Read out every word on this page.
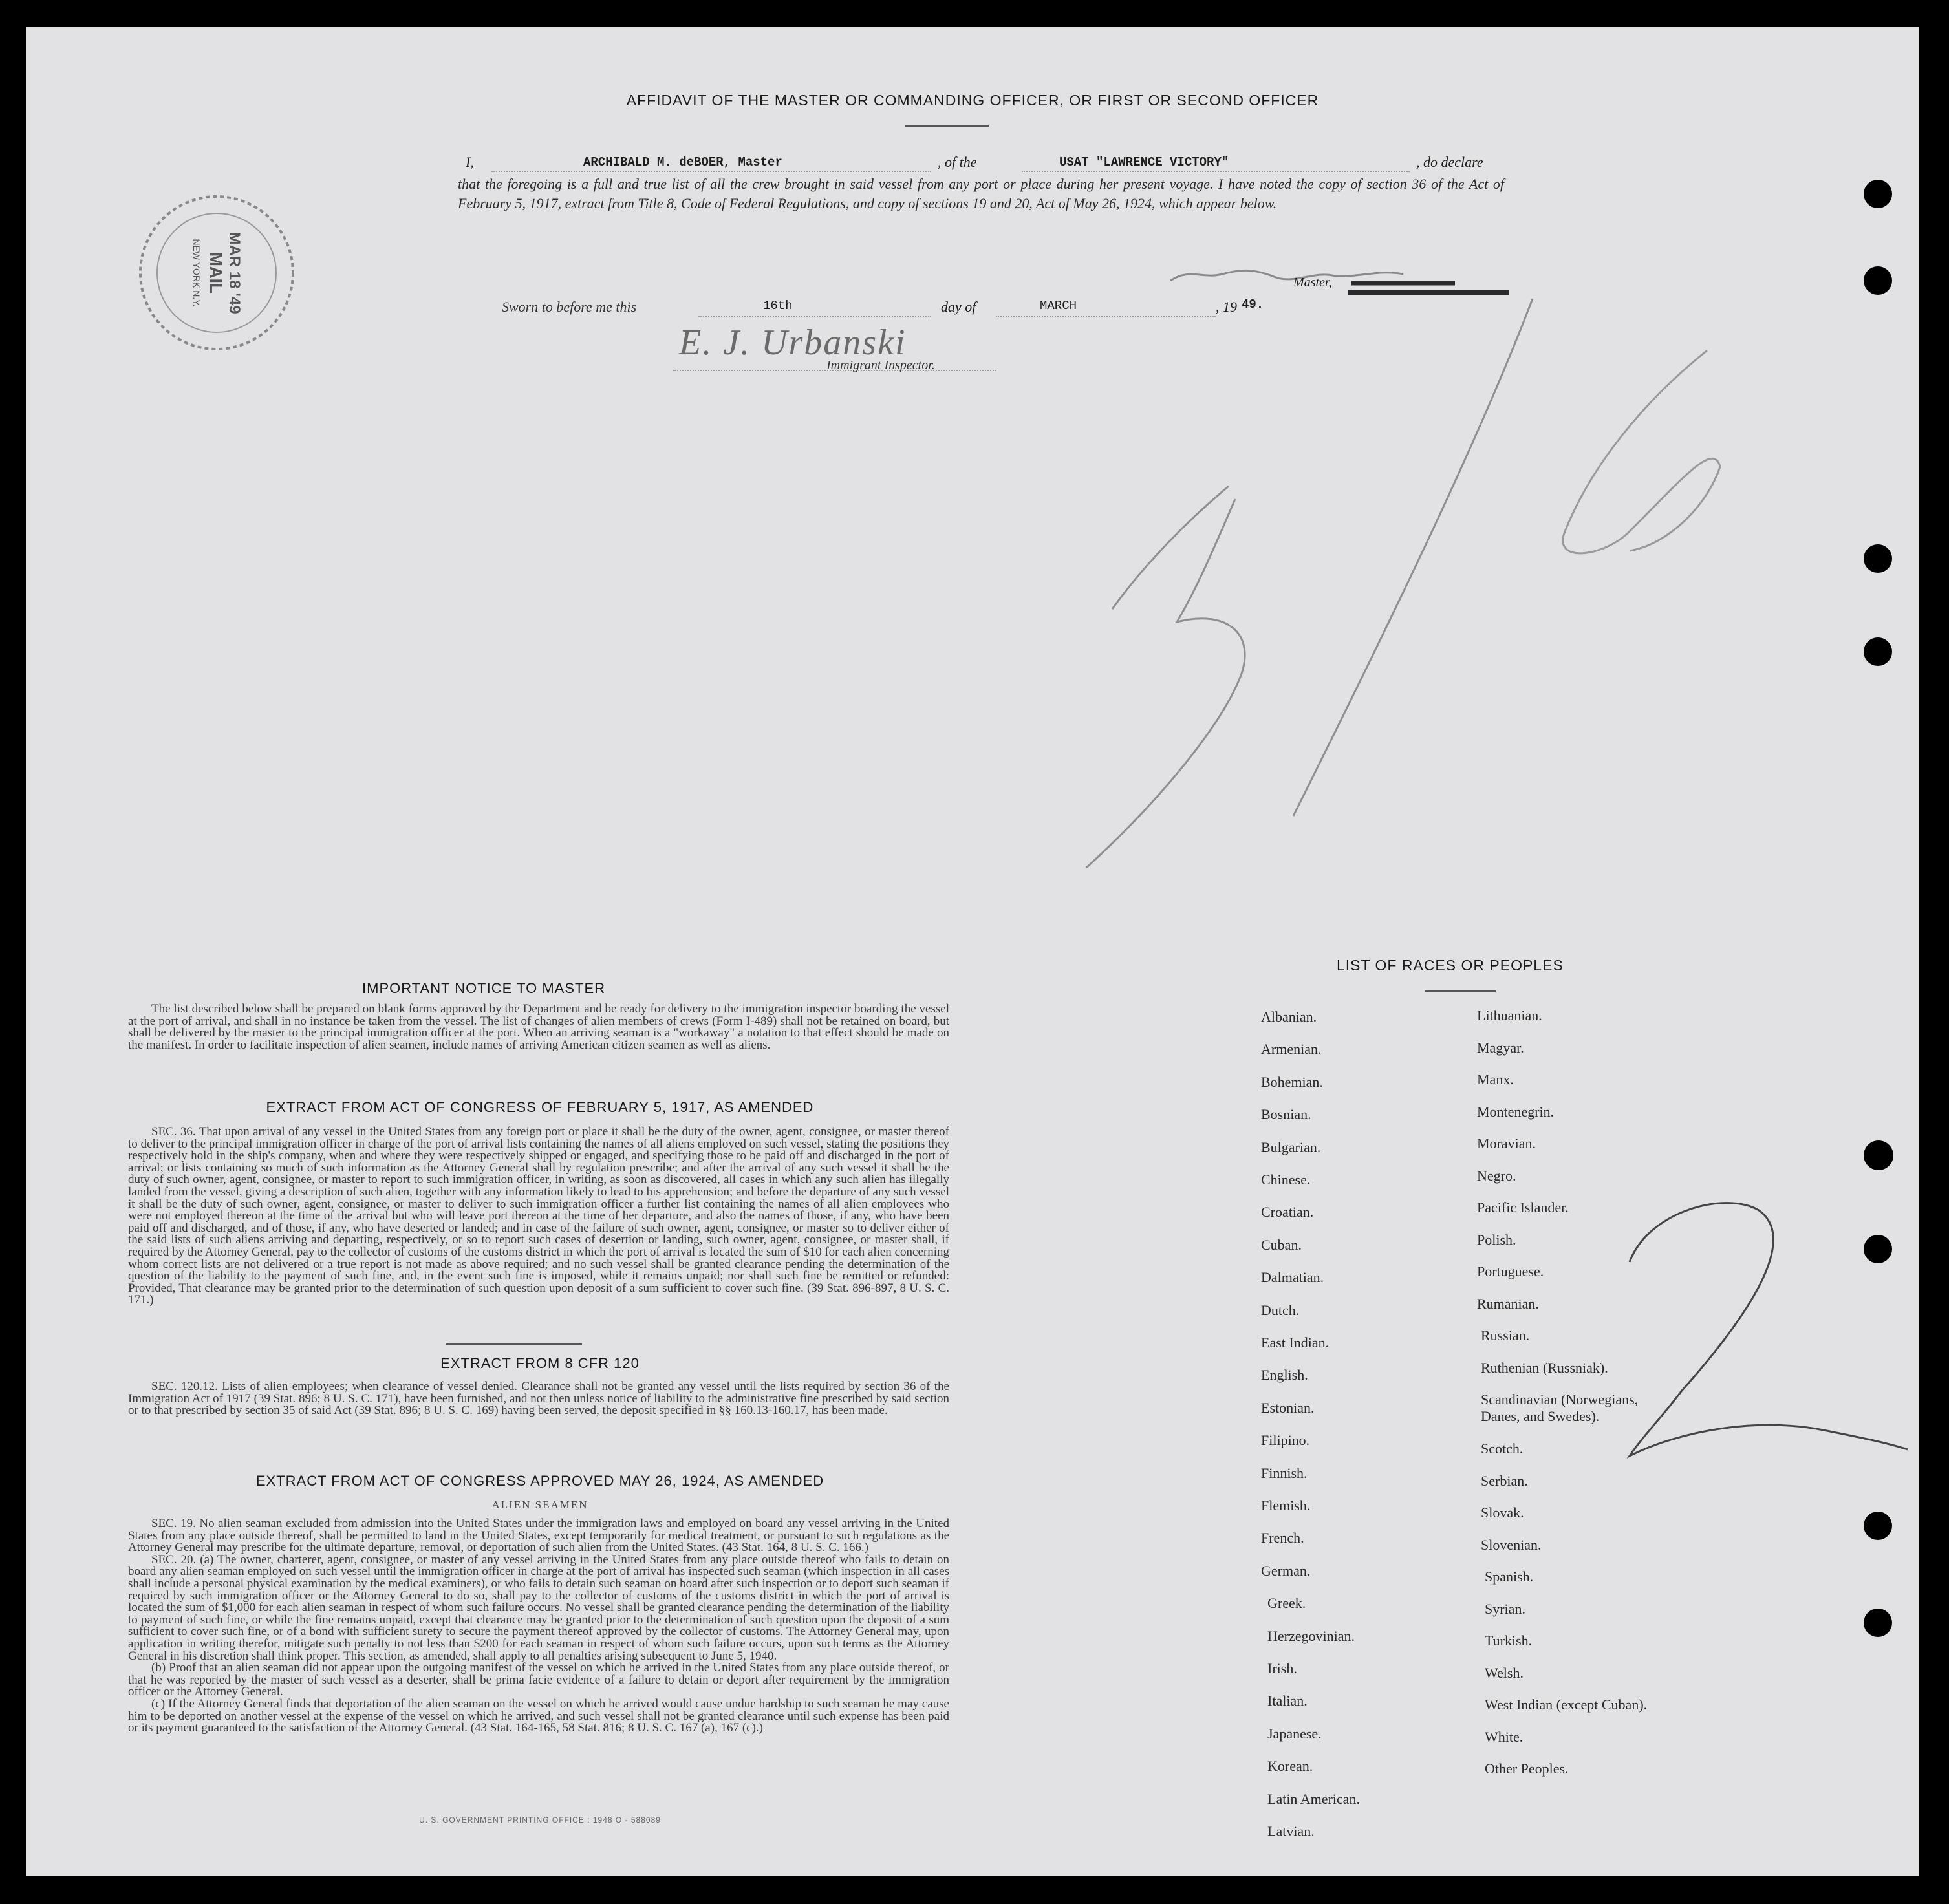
AFFIDAVIT OF THE MASTER OR COMMANDING OFFICER, OR FIRST OR SECOND OFFICER
I,	ARCHIBALD M. deBOER, Master	, of the	USAT "LAWRENCE VICTORY"	, do declare
that the foregoing is a full and true list of all the crew brought in said vessel from any port or place during her present voyage. I have noted the copy of section 36 of the Act of February 5, 1917, extract from Title 8, Code of Federal Regulations, and copy of sections 19 and 20, Act of May 26, 1924, which appear below.
Master,
Sworn to before me this	16th	day of	MARCH	, 19 49.
E. J. Urbanski
Immigrant Inspector.
MAR 18 '49
MAIL
NEW YORK N.Y.
IMPORTANT NOTICE TO MASTER

The list described below shall be prepared on blank forms approved by the Department and be ready for delivery to the immigration inspector boarding the vessel at the port of arrival, and shall in no instance be taken from the vessel. The list of changes of alien members of crews (Form I-489) shall not be retained on board, but shall be delivered by the master to the principal immigration officer at the port. When an arriving seaman is a "workaway" a notation to that effect should be made on the manifest. In order to facilitate inspection of alien seamen, include names of arriving American citizen seamen as well as aliens.

EXTRACT FROM ACT OF CONGRESS OF FEBRUARY 5, 1917, AS AMENDED

SEC. 36. That upon arrival of any vessel in the United States from any foreign port or place it shall be the duty of the owner, agent, consignee, or master thereof to deliver to the principal immigration officer in charge of the port of arrival lists containing the names of all aliens employed on such vessel, stating the positions they respectively hold in the ship's company, when and where they were respectively shipped or engaged, and specifying those to be paid off and discharged in the port of arrival; or lists containing so much of such information as the Attorney General shall by regulation prescribe; and after the arrival of any such vessel it shall be the duty of such owner, agent, consignee, or master to report to such immigration officer, in writing, as soon as discovered, all cases in which any such alien has illegally landed from the vessel, giving a description of such alien, together with any information likely to lead to his apprehension; and before the departure of any such vessel it shall be the duty of such owner, agent, consignee, or master to deliver to such immigration officer a further list containing the names of all alien employees who were not employed thereon at the time of the arrival but who will leave port thereon at the time of her departure, and also the names of those, if any, who have been paid off and discharged, and of those, if any, who have deserted or landed; and in case of the failure of such owner, agent, consignee, or master so to deliver either of the said lists of such aliens arriving and departing, respectively, or so to report such cases of desertion or landing, such owner, agent, consignee, or master shall, if required by the Attorney General, pay to the collector of customs of the customs district in which the port of arrival is located the sum of $10 for each alien concerning whom correct lists are not delivered or a true report is not made as above required; and no such vessel shall be granted clearance pending the determination of the question of the liability to the payment of such fine, and, in the event such fine is imposed, while it remains unpaid; nor shall such fine be remitted or refunded: Provided, That clearance may be granted prior to the determination of such question upon deposit of a sum sufficient to cover such fine. (39 Stat. 896-897, 8 U. S. C. 171.)

EXTRACT FROM 8 CFR 120

SEC. 120.12. Lists of alien employees; when clearance of vessel denied. Clearance shall not be granted any vessel until the lists required by section 36 of the Immigration Act of 1917 (39 Stat. 896; 8 U. S. C. 171), have been furnished, and not then unless notice of liability to the administrative fine prescribed by said section or to that prescribed by section 35 of said Act (39 Stat. 896; 8 U. S. C. 169) having been served, the deposit specified in §§ 160.13-160.17, has been made.

EXTRACT FROM ACT OF CONGRESS APPROVED MAY 26, 1924, AS AMENDED
ALIEN SEAMEN

SEC. 19. No alien seaman excluded from admission into the United States under the immigration laws and employed on board any vessel arriving in the United States from any place outside thereof, shall be permitted to land in the United States, except temporarily for medical treatment, or pursuant to such regulations as the Attorney General may prescribe for the ultimate departure, removal, or deportation of such alien from the United States. (43 Stat. 164, 8 U. S. C. 166.)

SEC. 20. (a) The owner, charterer, agent, consignee, or master of any vessel arriving in the United States from any place outside thereof who fails to detain on board any alien seaman employed on such vessel until the immigration officer in charge at the port of arrival has inspected such seaman (which inspection in all cases shall include a personal physical examination by the medical examiners), or who fails to detain such seaman on board after such inspection or to deport such seaman if required by such immigration officer or the Attorney General to do so, shall pay to the collector of customs of the customs district in which the port of arrival is located the sum of $1,000 for each alien seaman in respect of whom such failure occurs. No vessel shall be granted clearance pending the determination of the liability to payment of such fine, or while the fine remains unpaid, except that clearance may be granted prior to the determination of such question upon the deposit of a sum sufficient to cover such fine, or of a bond with sufficient surety to secure the payment thereof approved by the collector of customs. The Attorney General may, upon application in writing therefor, mitigate such penalty to not less than $200 for each seaman in respect of whom such failure occurs, upon such terms as the Attorney General in his discretion shall think proper. This section, as amended, shall apply to all penalties arising subsequent to June 5, 1940.

(b) Proof that an alien seaman did not appear upon the outgoing manifest of the vessel on which he arrived in the United States from any place outside thereof, or that he was reported by the master of such vessel as a deserter, shall be prima facie evidence of a failure to detain or deport after requirement by the immigration officer or the Attorney General.

(c) If the Attorney General finds that deportation of the alien seaman on the vessel on which he arrived would cause undue hardship to such seaman he may cause him to be deported on another vessel at the expense of the vessel on which he arrived, and such vessel shall not be granted clearance until such expense has been paid or its payment guaranteed to the satisfaction of the Attorney General. (43 Stat. 164-165, 58 Stat. 816; 8 U. S. C. 167 (a), 167 (c).)

U. S. GOVERNMENT PRINTING OFFICE : 1948 O - 588089
LIST OF RACES OR PEOPLES
Albanian.
Armenian.
Bohemian.
Bosnian.
Bulgarian.
Chinese.
Croatian.
Cuban.
Dalmatian.
Dutch.
East Indian.
English.
Estonian.
Filipino.
Finnish.
Flemish.
French.
German.
Greek.
Herzegovinian.
Irish.
Italian.
Japanese.
Korean.
Latin American.
Latvian.
Lithuanian.
Magyar.
Manx.
Montenegrin.
Moravian.
Negro.
Pacific Islander.
Polish.
Portuguese.
Rumanian.
Russian.
Ruthenian (Russniak).
Scandinavian (Norwegians, Danes, and Swedes).
Scotch.
Serbian.
Slovak.
Slovenian.
Spanish.
Syrian.
Turkish.
Welsh.
West Indian (except Cuban).
White.
Other Peoples.
